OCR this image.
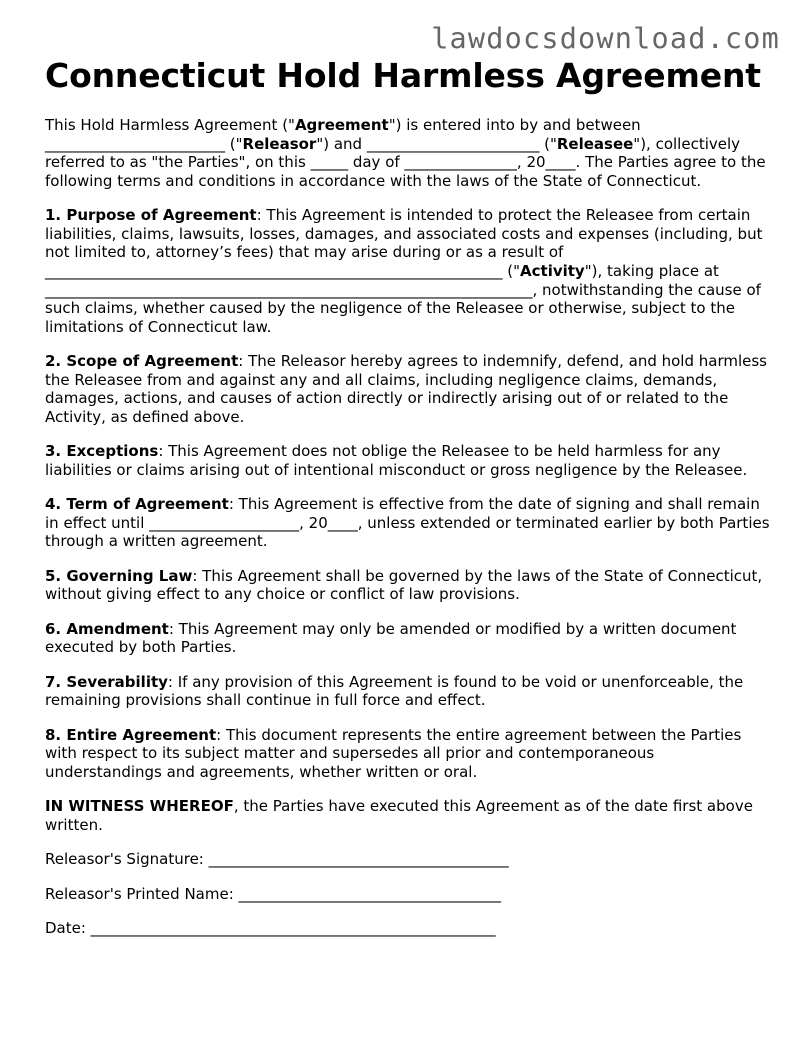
lawdocsdownload.com
Connecticut Hold Harmless Agreement

This Hold Harmless Agreement ("Agreement") is entered into by and between ________________________ ("Releasor") and _______________________ ("Releasee"), collectively referred to as "the Parties", on this _____ day of _______________, 20____. The Parties agree to the following terms and conditions in accordance with the laws of the State of Connecticut.

1. Purpose of Agreement: This Agreement is intended to protect the Releasee from certain liabilities, claims, lawsuits, losses, damages, and associated costs and expenses (including, but not limited to, attorney’s fees) that may arise during or as a result of _____________________________________________________________ ("Activity"), taking place at _________________________________________________________________, notwithstanding the cause of such claims, whether caused by the negligence of the Releasee or otherwise, subject to the limitations of Connecticut law.

2. Scope of Agreement: The Releasor hereby agrees to indemnify, defend, and hold harmless the Releasee from and against any and all claims, including negligence claims, demands, damages, actions, and causes of action directly or indirectly arising out of or related to the Activity, as defined above.

3. Exceptions: This Agreement does not oblige the Releasee to be held harmless for any liabilities or claims arising out of intentional misconduct or gross negligence by the Releasee.

4. Term of Agreement: This Agreement is effective from the date of signing and shall remain in effect until ____________________, 20____, unless extended or terminated earlier by both Parties through a written agreement.

5. Governing Law: This Agreement shall be governed by the laws of the State of Connecticut, without giving effect to any choice or conflict of law provisions.

6. Amendment: This Agreement may only be amended or modified by a written document executed by both Parties.

7. Severability: If any provision of this Agreement is found to be void or unenforceable, the remaining provisions shall continue in full force and effect.

8. Entire Agreement: This document represents the entire agreement between the Parties with respect to its subject matter and supersedes all prior and contemporaneous understandings and agreements, whether written or oral.

IN WITNESS WHEREOF, the Parties have executed this Agreement as of the date first above written.

Releasor's Signature: ________________________________________

Releasor's Printed Name: ___________________________________

Date: ______________________________________________________
